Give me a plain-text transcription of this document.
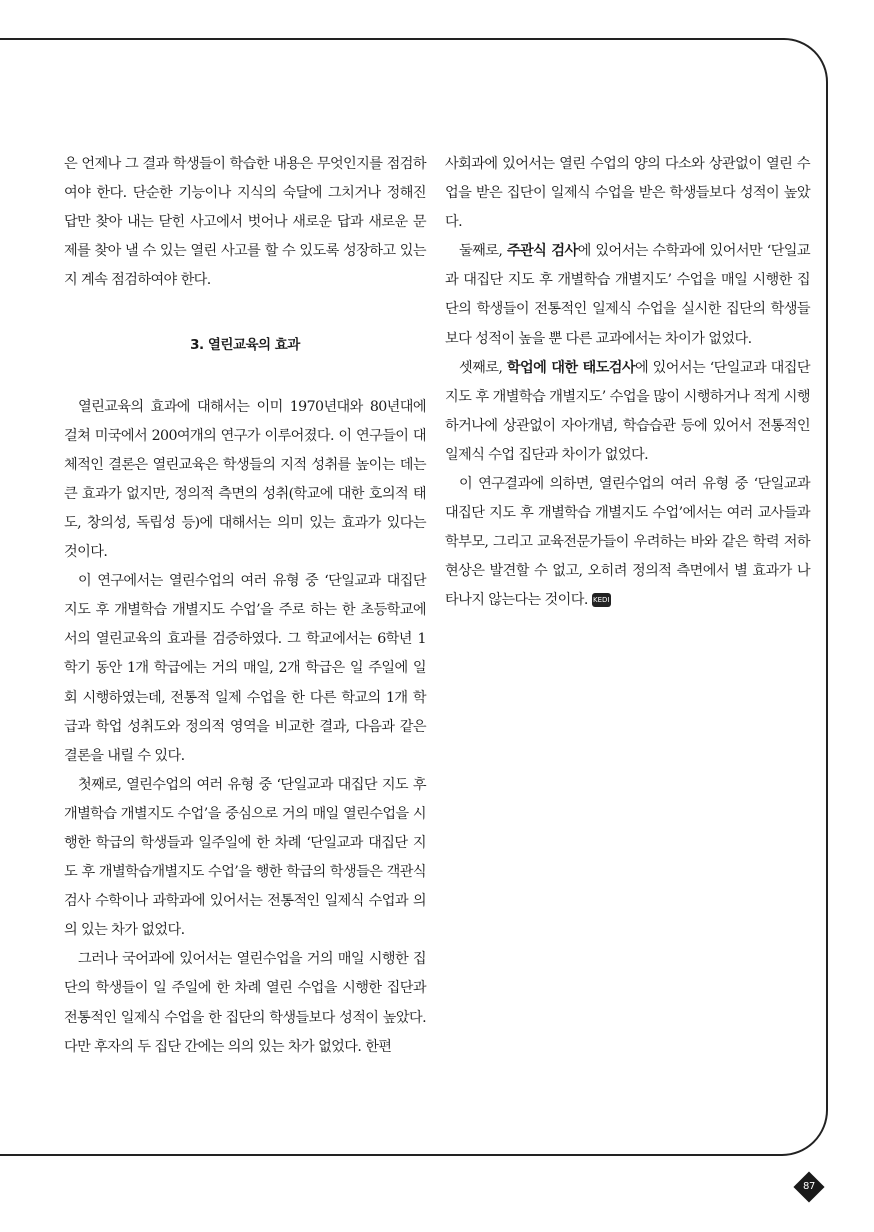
은 언제나 그 결과 학생들이 학습한 내용은 무엇인지를 점검하여야 한다. 단순한 기능이나 지식의 숙달에 그치거나 정해진 답만 찾아 내는 닫힌 사고에서 벗어나 새로운 답과 새로운 문제를 찾아 낼 수 있는 열린 사고를 할 수 있도록 성장하고 있는지 계속 점검하여야 한다.

3. 열린교육의 효과

열린교육의 효과에 대해서는 이미 1970년대와 80년대에 걸쳐 미국에서 200여개의 연구가 이루어졌다. 이 연구들이 대체적인 결론은 열린교육은 학생들의 지적 성취를 높이는 데는 큰 효과가 없지만, 정의적 측면의 성취(학교에 대한 호의적 태도, 창의성, 독립성 등)에 대해서는 의미 있는 효과가 있다는 것이다.

이 연구에서는 열린수업의 여러 유형 중 ‘단일교과 대집단 지도 후 개별학습 개별지도 수업’을 주로 하는 한 초등학교에서의 열린교육의 효과를 검증하였다. 그 학교에서는 6학년 1학기 동안 1개 학급에는 거의 매일, 2개 학급은 일 주일에 일 회 시행하였는데, 전통적 일제 수업을 한 다른 학교의 1개 학급과 학업 성취도와 정의적 영역을 비교한 결과, 다음과 같은 결론을 내릴 수 있다.

첫째로, 열린수업의 여러 유형 중 ‘단일교과 대집단 지도 후 개별학습 개별지도 수업’을 중심으로 거의 매일 열린수업을 시행한 학급의 학생들과 일주일에 한 차례 ‘단일교과 대집단 지도 후 개별학습개별지도 수업’을 행한 학급의 학생들은 객관식 검사 수학이나 과학과에 있어서는 전통적인 일제식 수업과 의의 있는 차가 없었다.

그러나 국어과에 있어서는 열린수업을 거의 매일 시행한 집단의 학생들이 일 주일에 한 차례 열린 수업을 시행한 집단과 전통적인 일제식 수업을 한 집단의 학생들보다 성적이 높았다. 다만 후자의 두 집단 간에는 의의 있는 차가 없었다. 한편

사회과에 있어서는 열린 수업의 양의 다소와 상관없이 열린 수업을 받은 집단이 일제식 수업을 받은 학생들보다 성적이 높았다.

둘째로, 주관식 검사에 있어서는 수학과에 있어서만 ‘단일교과 대집단 지도 후 개별학습 개별지도’ 수업을 매일 시행한 집단의 학생들이 전통적인 일제식 수업을 실시한 집단의 학생들보다 성적이 높을 뿐 다른 교과에서는 차이가 없었다.

셋째로, 학업에 대한 태도검사에 있어서는 ‘단일교과 대집단 지도 후 개별학습 개별지도’ 수업을 많이 시행하거나 적게 시행하거나에 상관없이 자아개념, 학습습관 등에 있어서 전통적인 일제식 수업 집단과 차이가 없었다.

이 연구결과에 의하면, 열린수업의 여러 유형 중 ‘단일교과 대집단 지도 후 개별학습 개별지도 수업’에서는 여러 교사들과 학부모, 그리고 교육전문가들이 우려하는 바와 같은 학력 저하 현상은 발견할 수 없고, 오히려 정의적 측면에서 별 효과가 나타나지 않는다는 것이다. KEDI

87
